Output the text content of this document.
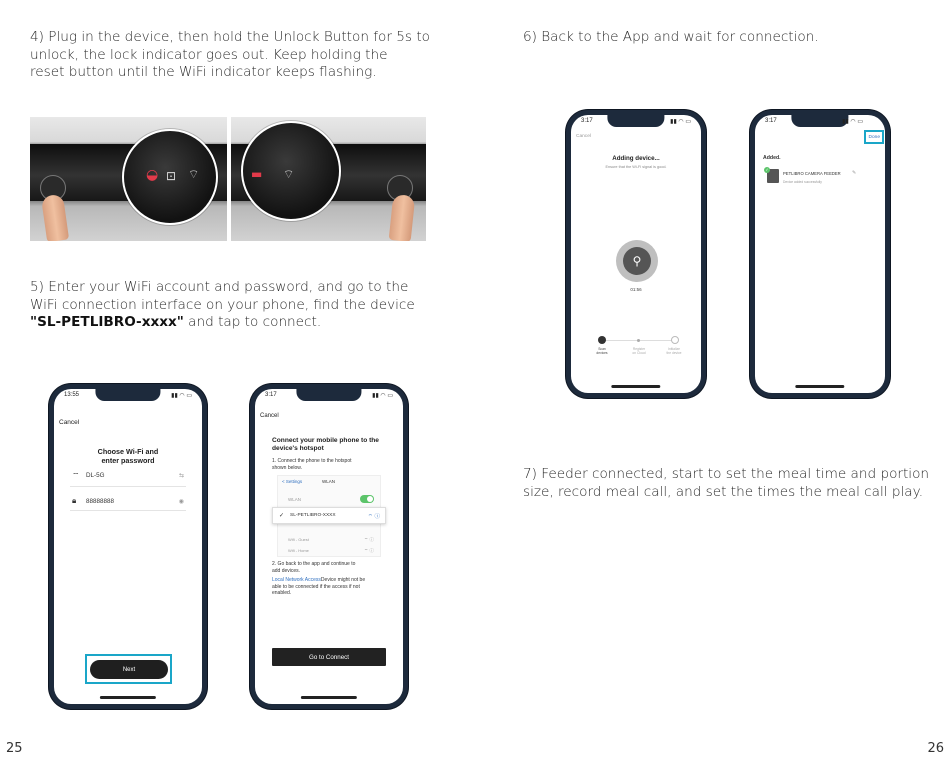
4) Plug in the device, then hold the Unlock Button for 5s to
unlock, the lock indicator goes out. Keep holding the
reset button until the WiFi indicator keeps flashing.
◒ ⊡ ⌔	▬ ⌔
5) Enter your WiFi account and password, and go to the
WiFi connection interface on your phone, find the device
"SL-PETLIBRO-xxxx" and tap to connect.
13:55	▮▮ ◠ ▭
Cancel
Choose Wi-Fi and
enter password
⌔ DL-5G	⇆
🔒︎ 88888888	◉
Next
3:17	▮▮ ◠ ▭
Cancel
Connect your mobile phone to the
device's hotspot
1. Connect the phone to the hotspot
shown below.
< Settings	WLAN
WLAN
Wifi - Guest	⌔ ⓘ
Wifi - Home	⌔ ⓘ
✓ SL-PETLIBRO-XXXX	⌔ ⓘ
2. Go back to the app and continue to
add devices.
Local Network AccessDevice might not be
able to be connected if the access if not
enabled.
Go to Connect
6) Back to the App and wait for connection.
3:17	▮▮ ◠ ▭
Cancel
Adding device...
Ensure that the Wi-Fi signal is good.
⚲
01:56
Scan
devices
Register
on Cloud
Initialize
the device
3:17	▮▮ ◠ ▭
Done
Added.
✓
PETLIBRO CAMERA FEEDER ✎
Device added successfully
7) Feeder connected, start to set the meal time and portion
size, record meal call, and set the times the meal call play.
25	26
